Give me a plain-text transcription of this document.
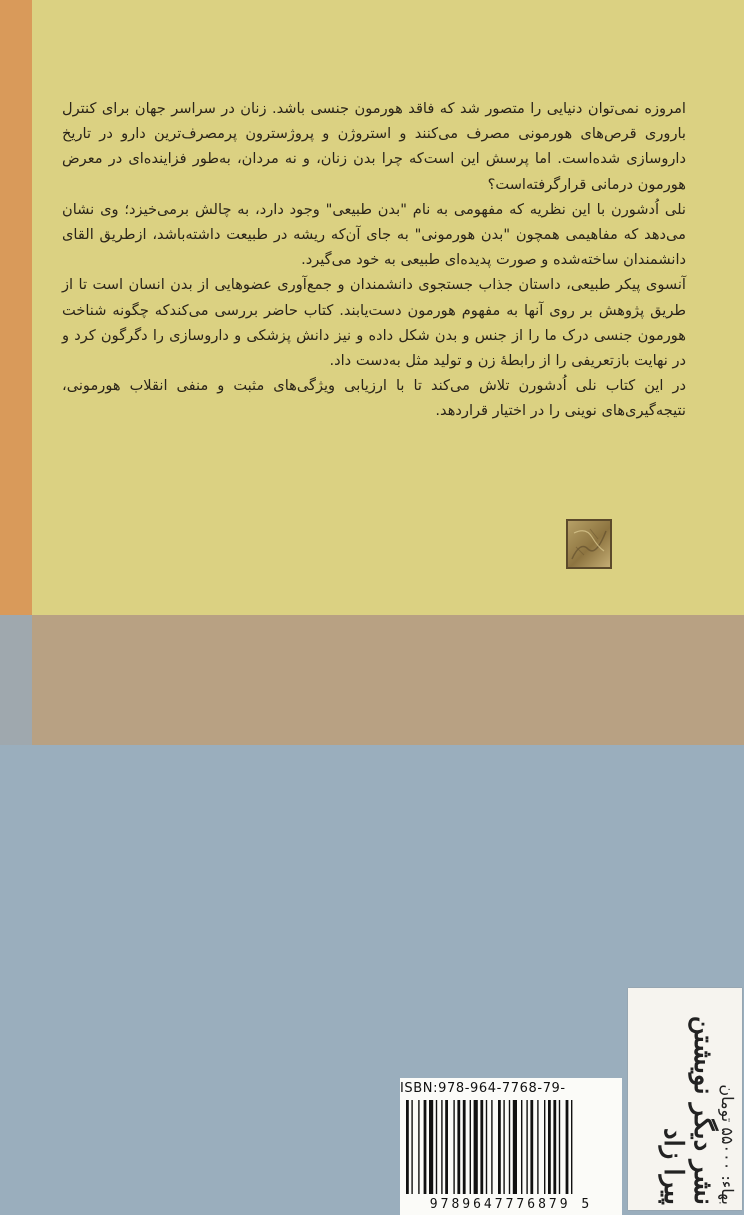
امروزه نمی‌توان دنیایی را متصور شد که فاقد هورمون جنسی باشد. زنان در سراسر جهان برای کنترل باروری قرص‌های هورمونی مصرف می‌کنند و استروژن و پروژسترون پرمصرف‌ترین دارو در تاریخ داروسازی شده‌است. اما پرسش این است‌که چرا بدن زنان، و نه مردان، به‌طور فزاینده‌ای در معرض هورمون درمانی قرارگرفته‌است؟

نلی اُدشورن با این نظریه که مفهومی به نام "بدن طبیعی" وجود دارد، به چالش برمی‌خیزد؛ وی نشان می‌دهد که مفاهیمی همچون "بدن هورمونی" به جای آن‌که ریشه در طبیعت داشته‌باشد، ازطریق القای دانشمندان ساخته‌شده و صورت پدیده‌ای طبیعی به خود می‌گیرد.

آنسوی پیکر طبیعی، داستان جذاب جستجوی دانشمندان و جمع‌آوری عضوهایی از بدن انسان است تا از طریق پژوهش بر روی آنها به مفهوم هورمون دست‌یابند. کتاب حاضر بررسی می‌کندکه چگونه شناخت هورمون جنسی درک ما را از جنس و بدن شکل داده و نیز دانش پزشکی و داروسازی را دگرگون کرد و در نهایت بازتعریفی را از رابطهٔ زن و تولید مثل به‌دست داد.

در این کتاب نلی اُدشورن تلاش می‌کند تا با ارزیابی ویژگی‌های مثبت و منفی انقلاب هورمونی، نتیجه‌گیری‌های نوینی را در اختیار قراردهد.

ISBN:978-964-7768-79-
9789647776879 5
بهاء: ۵۵۰۰۰ تومان
نشر دیگر نویشتن پیرا زاد
